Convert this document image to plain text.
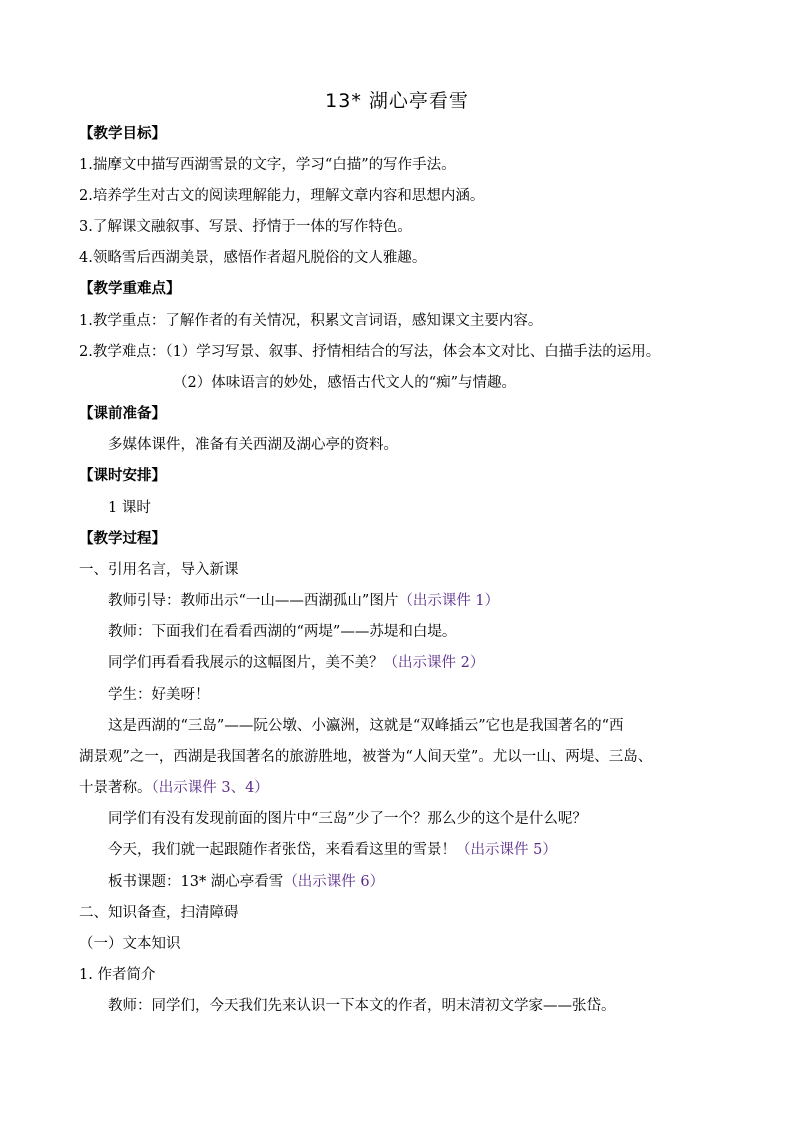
13* 湖心亭看雪
【教学目标】
1.揣摩文中描写西湖雪景的文字，学习“白描”的写作手法。
2.培养学生对古文的阅读理解能力，理解文章内容和思想内涵。
3.了解课文融叙事、写景、抒情于一体的写作特色。
4.领略雪后西湖美景，感悟作者超凡脱俗的文人雅趣。
【教学重难点】
1.教学重点：了解作者的有关情况，积累文言词语，感知课文主要内容。
2.教学难点：（1）学习写景、叙事、抒情相结合的写法，体会本文对比、白描手法的运用。
（2）体味语言的妙处，感悟古代文人的“痴”与情趣。
【课前准备】
多媒体课件，准备有关西湖及湖心亭的资料。
【课时安排】
1 课时
【教学过程】
一、引用名言，导入新课
教师引导：教师出示“一山——西湖孤山”图片（出示课件 1）
教师：下面我们在看看西湖的“两堤”——苏堤和白堤。
同学们再看看我展示的这幅图片，美不美？（出示课件 2）
学生：好美呀！
这是西湖的“三岛”——阮公墩、小瀛洲，这就是“双峰插云”它也是我国著名的“西
湖景观”之一，西湖是我国著名的旅游胜地，被誉为“人间天堂”。尤以一山、两堤、三岛、
十景著称。（出示课件 3、4）
同学们有没有发现前面的图片中“三岛”少了一个？那么少的这个是什么呢？
今天，我们就一起跟随作者张岱，来看看这里的雪景！（出示课件 5）
板书课题：13* 湖心亭看雪（出示课件 6）
二、知识备查，扫清障碍
（一）文本知识
1. 作者简介
教师：同学们，今天我们先来认识一下本文的作者，明末清初文学家——张岱。
